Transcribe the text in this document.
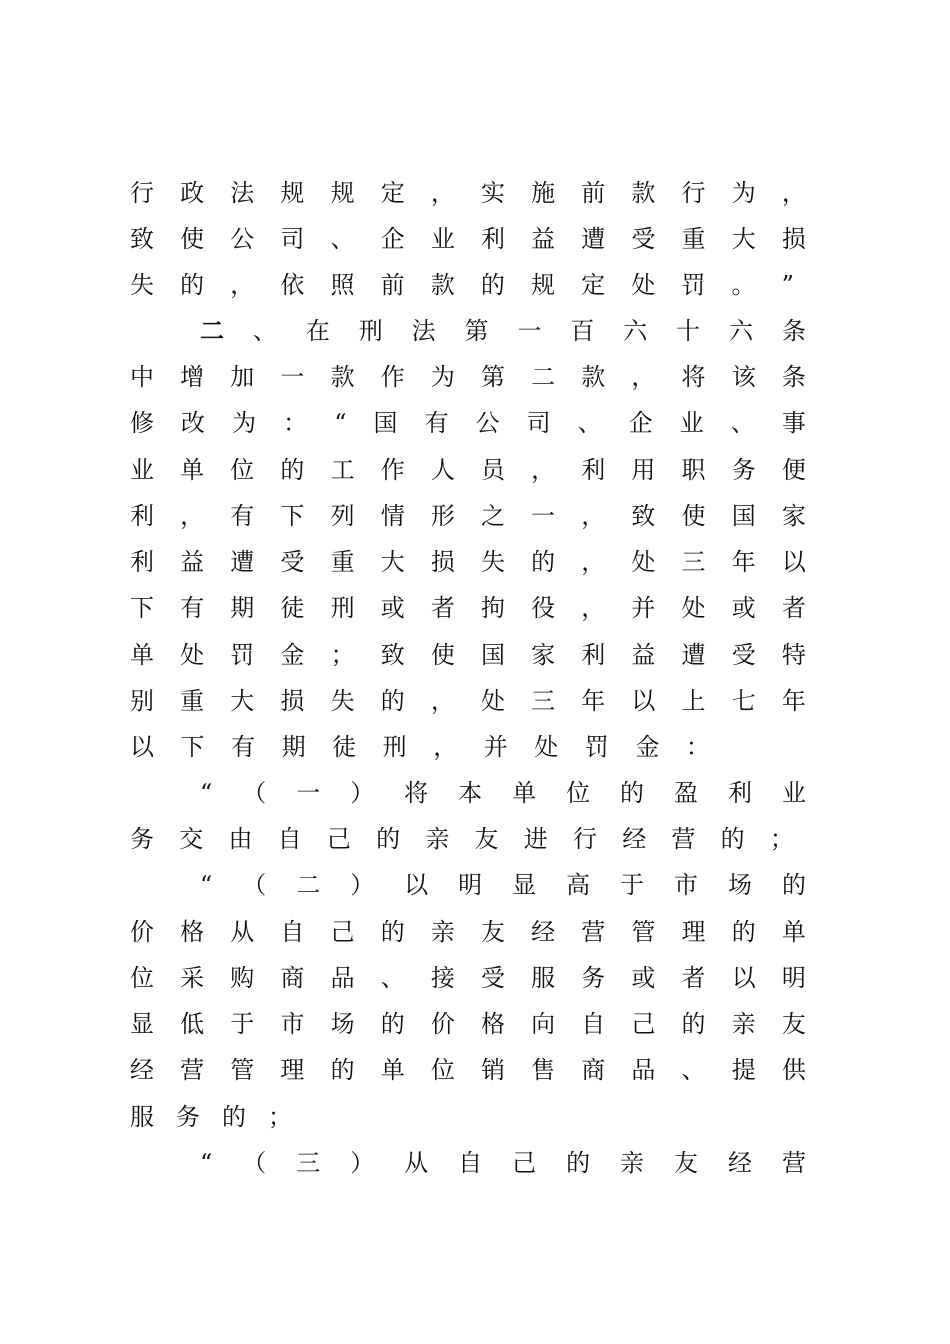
行 政 法 规 规 定 ， 实 施 前 款 行 为 ，
致 使 公 司 、 企 业 利 益 遭 受 重 大 损
失 的 ， 依 照 前 款 的 规 定 处 罚 。 ”
二 、 在 刑 法 第 一 百 六 十 六 条
中 增 加 一 款 作 为 第 二 款 ， 将 该 条
修 改 为 ： “ 国 有 公 司 、 企 业 、 事
业 单 位 的 工 作 人 员 ， 利 用 职 务 便
利 ， 有 下 列 情 形 之 一 ， 致 使 国 家
利 益 遭 受 重 大 损 失 的 ， 处 三 年 以
下 有 期 徒 刑 或 者 拘 役 ， 并 处 或 者
单 处 罚 金 ； 致 使 国 家 利 益 遭 受 特
别 重 大 损 失 的 ， 处 三 年 以 上 七 年
以 下 有 期 徒 刑 ， 并 处 罚 金 ：
“ （ 一 ） 将 本 单 位 的 盈 利 业
务 交 由 自 己 的 亲 友 进 行 经 营 的 ；
“ （ 二 ） 以 明 显 高 于 市 场 的
价 格 从 自 己 的 亲 友 经 营 管 理 的 单
位 采 购 商 品 、 接 受 服 务 或 者 以 明
显 低 于 市 场 的 价 格 向 自 己 的 亲 友
经 营 管 理 的 单 位 销 售 商 品 、 提 供
服 务 的 ；
“ （ 三 ） 从 自 己 的 亲 友 经 营
